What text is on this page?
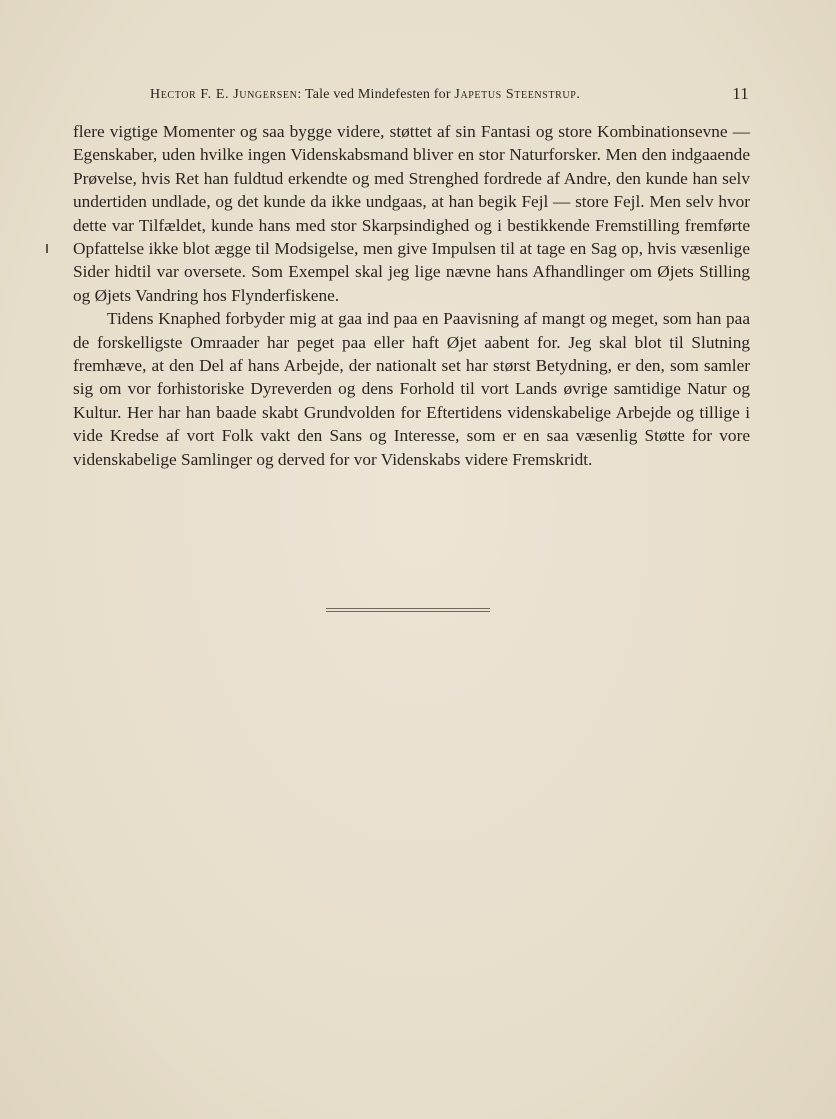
Hector F. E. Jungersen: Tale ved Mindefesten for Japetus Steenstrup.	11

flere vigtige Momenter og saa bygge videre, støttet af sin Fantasi og store Kombinationsevne — Egenskaber, uden hvilke ingen Videnskabsmand bliver en stor Naturforsker. Men den indgaaende Prøvelse, hvis Ret han fuldtud erkendte og med Strenghed fordrede af Andre, den kunde han selv undertiden undlade, og det kunde da ikke undgaas, at han begik Fejl — store Fejl. Men selv hvor dette var Tilfældet, kunde hans med stor Skarpsindighed og i bestikkende Fremstilling fremførte Opfattelse ikke blot ægge til Modsigelse, men give Impulsen til at tage en Sag op, hvis væsenlige Sider hidtil var oversete. Som Exempel skal jeg lige nævne hans Afhandlinger om Øjets Stilling og Øjets Vandring hos Flynderfiskene.

Tidens Knaphed forbyder mig at gaa ind paa en Paavisning af mangt og meget, som han paa de forskelligste Omraader har peget paa eller haft Øjet aabent for. Jeg skal blot til Slutning fremhæve, at den Del af hans Arbejde, der nationalt set har størst Betydning, er den, som samler sig om vor forhistoriske Dyreverden og dens Forhold til vort Lands øvrige samtidige Natur og Kultur. Her har han baade skabt Grundvolden for Eftertidens videnskabelige Arbejde og tillige i vide Kredse af vort Folk vakt den Sans og Interesse, som er en saa væsenlig Støtte for vore videnskabelige Samlinger og derved for vor Videnskabs videre Fremskridt.
